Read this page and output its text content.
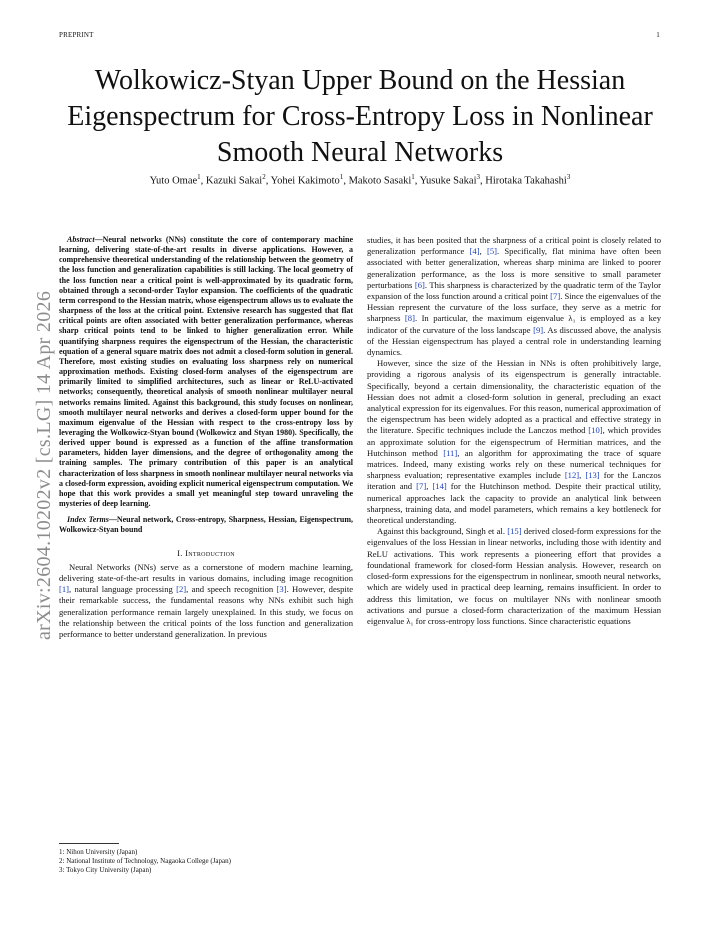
PREPRINT	1
Wolkowicz-Styan Upper Bound on the Hessian Eigenspectrum for Cross-Entropy Loss in Nonlinear Smooth Neural Networks
Yuto Omae$^1$, Kazuki Sakai$^2$, Yohei Kakimoto$^1$, Makoto Sasaki$^1$, Yusuke Sakai$^3$, Hirotaka Takahashi$^3$
arXiv:2604.10202v2 [cs.LG] 14 Apr 2026

Abstract—Neural networks (NNs) constitute the core of contemporary machine learning, delivering state-of-the-art results in diverse applications. However, a comprehensive theoretical understanding of the relationship between the geometry of the loss function and generalization capabilities is still lacking. The local geometry of the loss function near a critical point is well-approximated by its quadratic form, obtained through a second-order Taylor expansion. The coefficients of the quadratic term correspond to the Hessian matrix, whose eigenspectrum allows us to evaluate the sharpness of the loss at the critical point. Extensive research has suggested that flat critical points are often associated with better generalization performance, whereas sharp critical points tend to be linked to higher generalization error. While quantifying sharpness requires the eigenspectrum of the Hessian, the characteristic equation of a general square matrix does not admit a closed-form solution in general. Therefore, most existing studies on evaluating loss sharpness rely on numerical approximation methods. Existing closed-form analyses of the eigenspectrum are primarily limited to simplified architectures, such as linear or ReLU-activated networks; consequently, theoretical analysis of smooth nonlinear multilayer neural networks remains limited. Against this background, this study focuses on nonlinear, smooth multilayer neural networks and derives a closed-form upper bound for the maximum eigenvalue of the Hessian with respect to the cross-entropy loss by leveraging the Wolkowicz-Styan bound (Wolkowicz and Styan 1980). Specifically, the derived upper bound is expressed as a function of the affine transformation parameters, hidden layer dimensions, and the degree of orthogonality among the training samples. The primary contribution of this paper is an analytical characterization of loss sharpness in smooth nonlinear multilayer neural networks via a closed-form expression, avoiding explicit numerical eigenspectrum computation. We hope that this work provides a small yet meaningful step toward unraveling the mysteries of deep learning.

Index Terms—Neural network, Cross-entropy, Sharpness, Hessian, Eigenspectrum, Wolkowicz-Styan bound

I. Introduction

Neural Networks (NNs) serve as a cornerstone of modern machine learning, delivering state-of-the-art results in various domains, including image recognition [1], natural language processing [2], and speech recognition [3]. However, despite their remarkable success, the fundamental reasons why NNs exhibit such high generalization performance remain largely unexplained. In this study, we focus on the relationship between the critical points of the loss function and generalization performance to better understand generalization. In previous

studies, it has been posited that the sharpness of a critical point is closely related to generalization performance [4], [5]. Specifically, flat minima have often been associated with better generalization, whereas sharp minima are linked to poorer generalization performance, as the loss is more sensitive to small parameter perturbations [6]. This sharpness is characterized by the quadratic term of the Taylor expansion of the loss function around a critical point [7]. Since the eigenvalues of the Hessian represent the curvature of the loss surface, they serve as a metric for sharpness [8]. In particular, the maximum eigenvalue λ₁ is employed as a key indicator of the curvature of the loss landscape [9]. As discussed above, the analysis of the Hessian eigenspectrum has played a central role in understanding learning dynamics.

However, since the size of the Hessian in NNs is often prohibitively large, providing a rigorous analysis of its eigenspectrum is generally intractable. Specifically, beyond a certain dimensionality, the characteristic equation of the Hessian does not admit a closed-form solution in general, precluding an exact analytical expression for its eigenvalues. For this reason, numerical approximation of the eigenspectrum has been widely adopted as a practical and effective strategy in the literature. Specific techniques include the Lanczos method [10], which provides an approximate solution for the eigenspectrum of Hermitian matrices, and the Hutchinson method [11], an algorithm for approximating the trace of square matrices. Indeed, many existing works rely on these numerical techniques for sharpness evaluation; representative examples include [12], [13] for the Lanczos iteration and [7], [14] for the Hutchinson method. Despite their practical utility, numerical approaches lack the capacity to provide an analytical link between sharpness, training data, and model parameters, which remains a key bottleneck for theoretical understanding.

Against this background, Singh et al. [15] derived closed-form expressions for the eigenvalues of the loss Hessian in linear networks, including those with identity and ReLU activations. This work represents a pioneering effort that provides a foundational framework for closed-form Hessian analysis. However, research on closed-form expressions for the eigenspectrum in nonlinear, smooth neural networks, which are widely used in practical deep learning, remains insufficient. In order to address this limitation, we focus on multilayer NNs with nonlinear smooth activations and pursue a closed-form characterization of the maximum Hessian eigenvalue λ₁ for cross-entropy loss functions. Since characteristic equations

1: Nihon University (Japan)
2: National Institute of Technology, Nagaoka College (Japan)
3: Tokyo City University (Japan)
